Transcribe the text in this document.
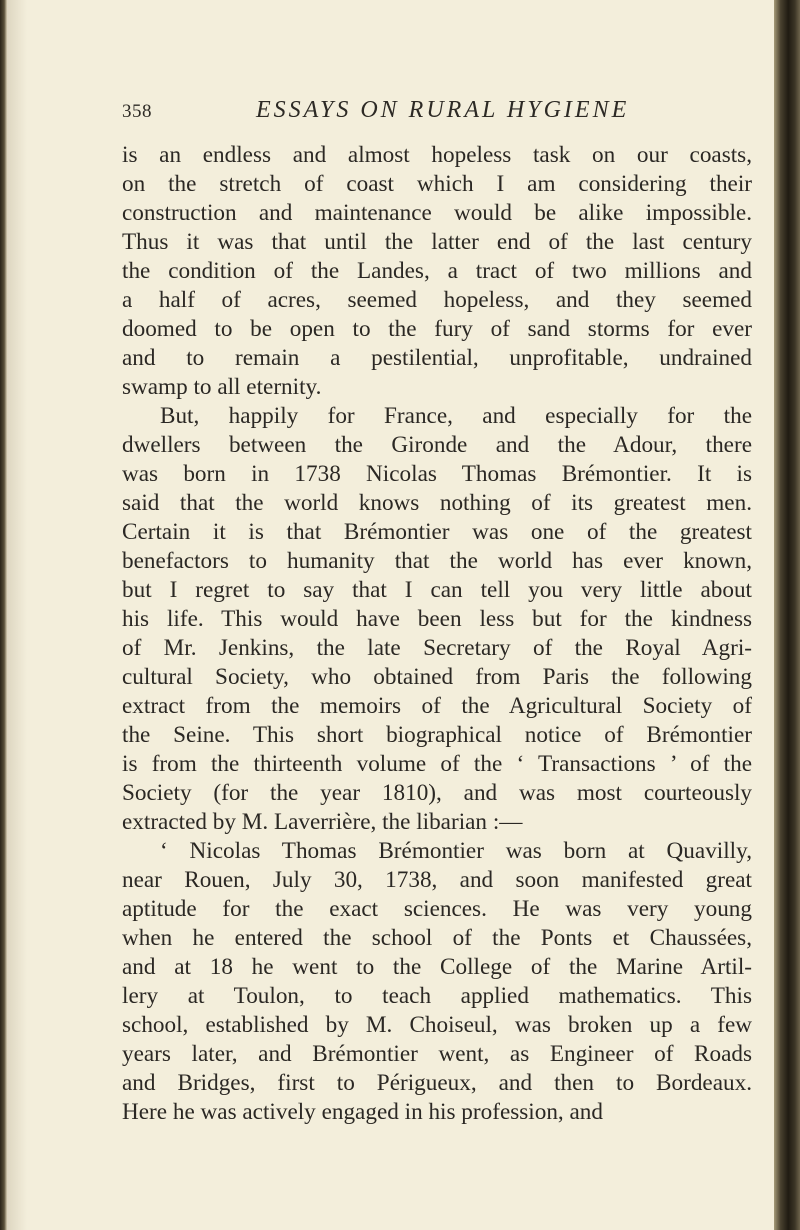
358	ESSAYS ON RURAL HYGIENE
is an endless and almost hopeless task on our coasts,
on the stretch of coast which I am considering their
construction and maintenance would be alike impossible.
Thus it was that until the latter end of the last century
the condition of the Landes, a tract of two millions and
a half of acres, seemed hopeless, and they seemed
doomed to be open to the fury of sand storms for ever
and to remain a pestilential, unprofitable, undrained
swamp to all eternity.
But, happily for France, and especially for the
dwellers between the Gironde and the Adour, there
was born in 1738 Nicolas Thomas Brémontier. It is
said that the world knows nothing of its greatest men.
Certain it is that Brémontier was one of the greatest
benefactors to humanity that the world has ever known,
but I regret to say that I can tell you very little about
his life. This would have been less but for the kindness
of Mr. Jenkins, the late Secretary of the Royal Agri-
cultural Society, who obtained from Paris the following
extract from the memoirs of the Agricultural Society of
the Seine. This short biographical notice of Brémontier
is from the thirteenth volume of the ‘ Transactions ’ of the
Society (for the year 1810), and was most courteously
extracted by M. Laverrière, the libarian :—
‘ Nicolas Thomas Brémontier was born at Quavilly,
near Rouen, July 30, 1738, and soon manifested great
aptitude for the exact sciences. He was very young
when he entered the school of the Ponts et Chaussées,
and at 18 he went to the College of the Marine Artil-
lery at Toulon, to teach applied mathematics. This
school, established by M. Choiseul, was broken up a few
years later, and Brémontier went, as Engineer of Roads
and Bridges, first to Périgueux, and then to Bordeaux.
Here he was actively engaged in his profession, and
